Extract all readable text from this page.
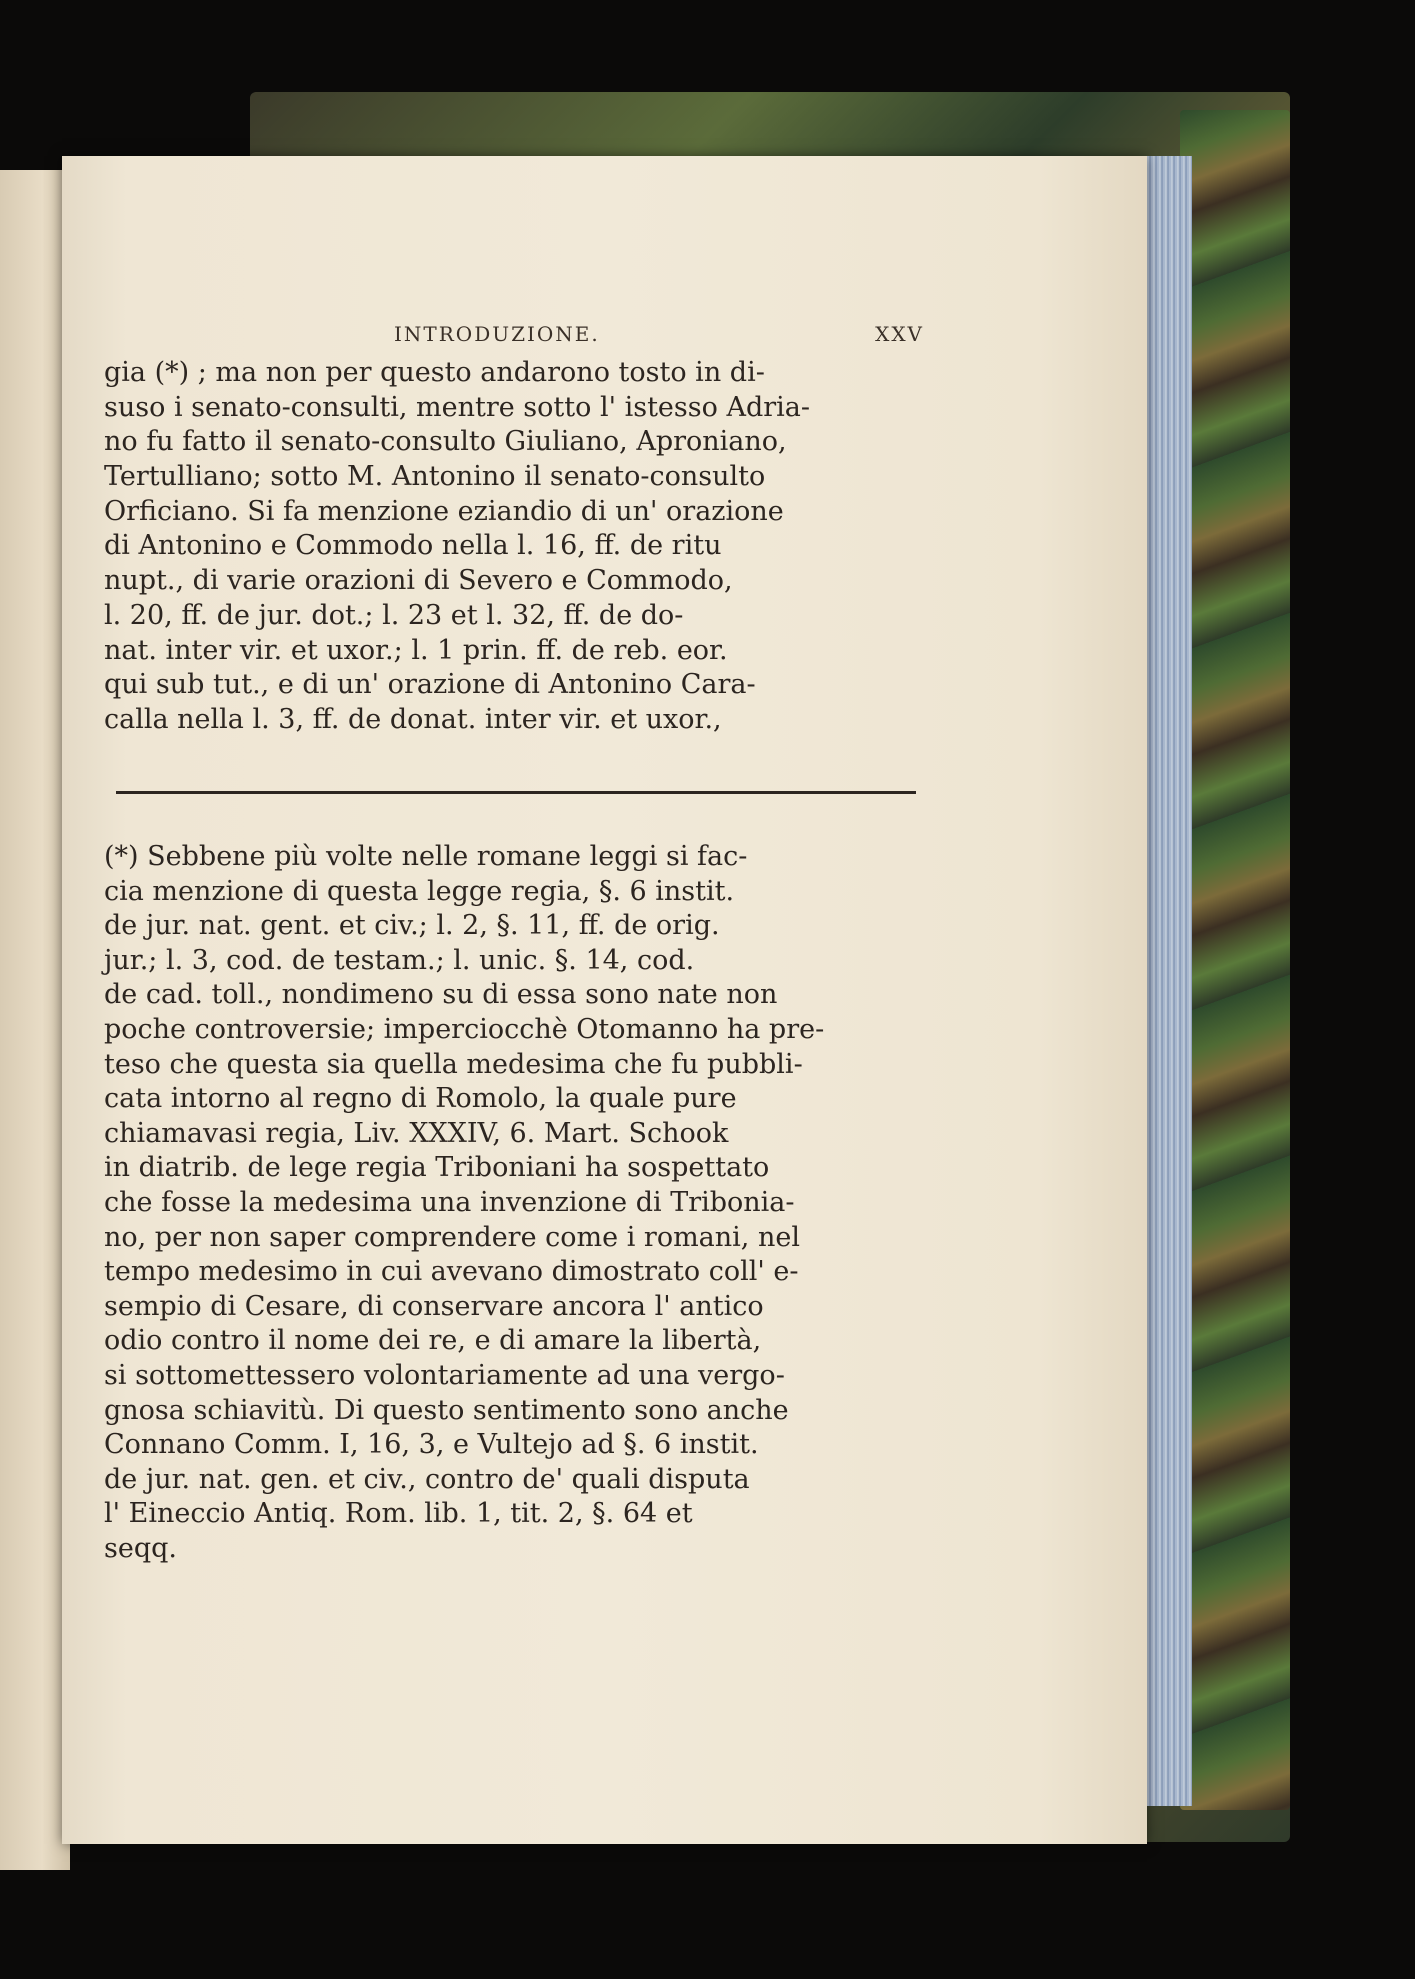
INTRODUZIONE.	XXV
gia (*) ; ma non per questo andarono tosto in di-
suso i senato-consulti, mentre sotto l' istesso Adria-
no fu fatto il senato-consulto Giuliano, Aproniano,
Tertulliano; sotto M. Antonino il senato-consulto
Orficiano. Si fa menzione eziandio di un' orazione
di Antonino e Commodo nella l. 16, ff. de ritu
nupt., di varie orazioni di Severo e Commodo,
l. 20, ff. de jur. dot.; l. 23 et l. 32, ff. de do-
nat. inter vir. et uxor.; l. 1 prin. ff. de reb. eor.
qui sub tut., e di un' orazione di Antonino Cara-
calla nella l. 3, ff. de donat. inter vir. et uxor.,
(*) Sebbene più volte nelle romane leggi si fac-
cia menzione di questa legge regia, §. 6 instit.
de jur. nat. gent. et civ.; l. 2, §. 11, ff. de orig.
jur.; l. 3, cod. de testam.; l. unic. §. 14, cod.
de cad. toll., nondimeno su di essa sono nate non
poche controversie; imperciocchè Otomanno ha pre-
teso che questa sia quella medesima che fu pubbli-
cata intorno al regno di Romolo, la quale pure
chiamavasi regia, Liv. XXXIV, 6. Mart. Schook
in diatrib. de lege regia Triboniani ha sospettato
che fosse la medesima una invenzione di Tribonia-
no, per non saper comprendere come i romani, nel
tempo medesimo in cui avevano dimostrato coll' e-
sempio di Cesare, di conservare ancora l' antico
odio contro il nome dei re, e di amare la libertà,
si sottomettessero volontariamente ad una vergo-
gnosa schiavitù. Di questo sentimento sono anche
Connano Comm. I, 16, 3, e Vultejo ad §. 6 instit.
de jur. nat. gen. et civ., contro de' quali disputa
l' Eineccio Antiq. Rom. lib. 1, tit. 2, §. 64 et
seqq.
